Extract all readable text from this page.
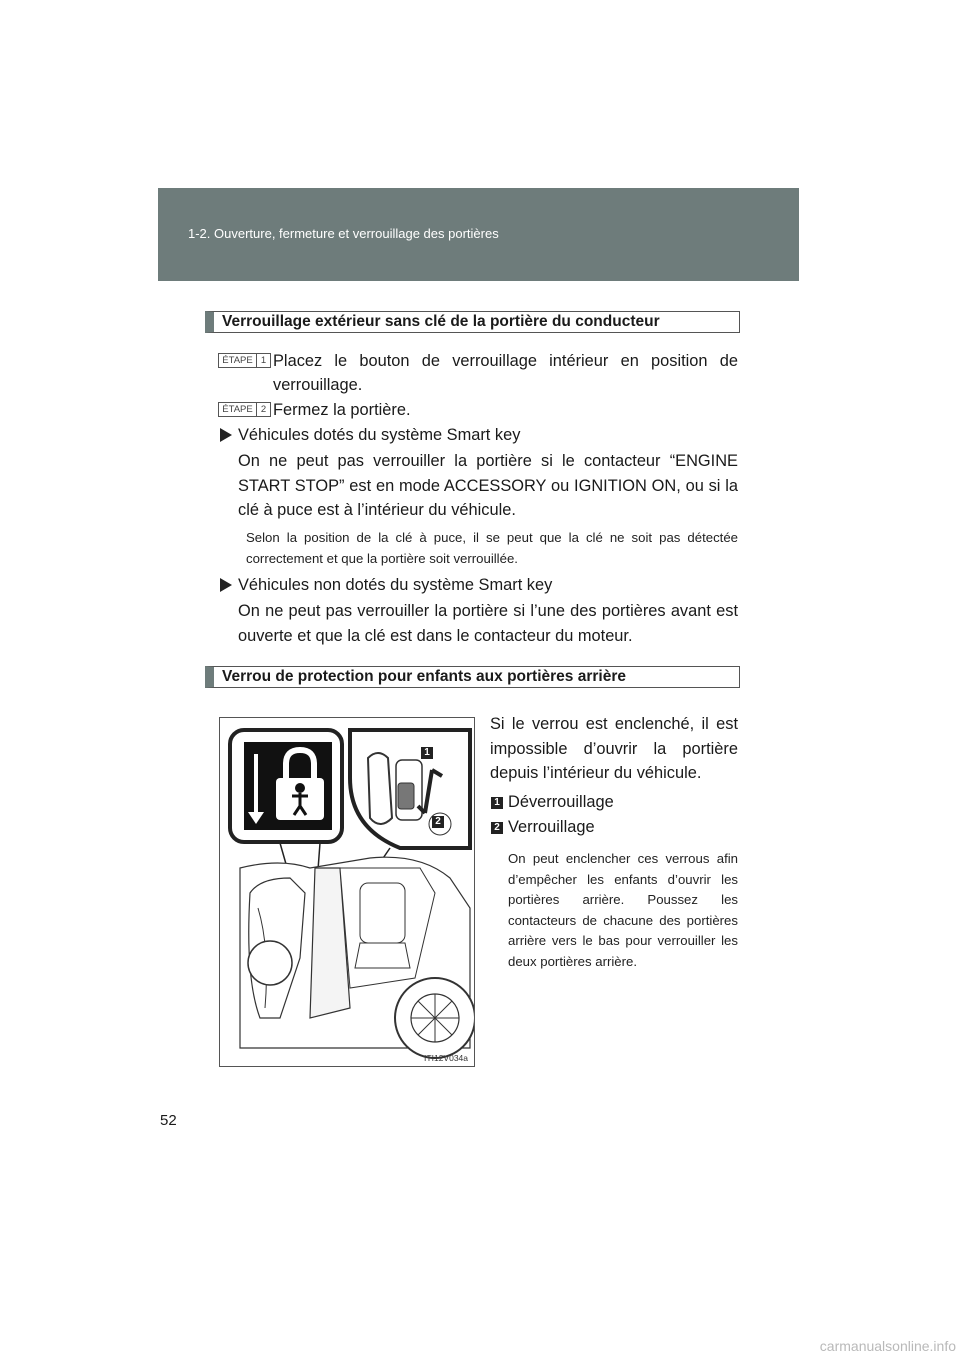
1-2. Ouverture, fermeture et verrouillage des portières
Verrouillage extérieur sans clé de la portière du conducteur
ÉTAPE 1 Placez le bouton de verrouillage intérieur en position de

verrouillage.

ÉTAPE 2 Fermez la portière.

Véhicules dotés du système Smart key

On ne peut pas verrouiller la portière si le contacteur “ENGINE START STOP” est en mode ACCESSORY ou IGNITION ON, ou si la clé à puce est à l’intérieur du véhicule.

Selon la position de la clé à puce, il se peut que la clé ne soit pas détectée correctement et que la portière soit verrouillée.

Véhicules non dotés du système Smart key

On ne peut pas verrouiller la portière si l’une des portières avant est ouverte et que la clé est dans le contacteur du moteur.

Verrou de protection pour enfants aux portières arrière
1
2
ITI12V034a

Si le verrou est enclenché, il est impossible d’ouvrir la portière depuis l’intérieur du véhicule.

1 Déverrouillage

2 Verrouillage

On peut enclencher ces verrous afin d’empêcher les enfants d’ouvrir les portières arrière. Poussez les contacteurs de chacune des portières arrière vers le bas pour verrouiller les deux portières arrière.

52
carmanualsonline.info
